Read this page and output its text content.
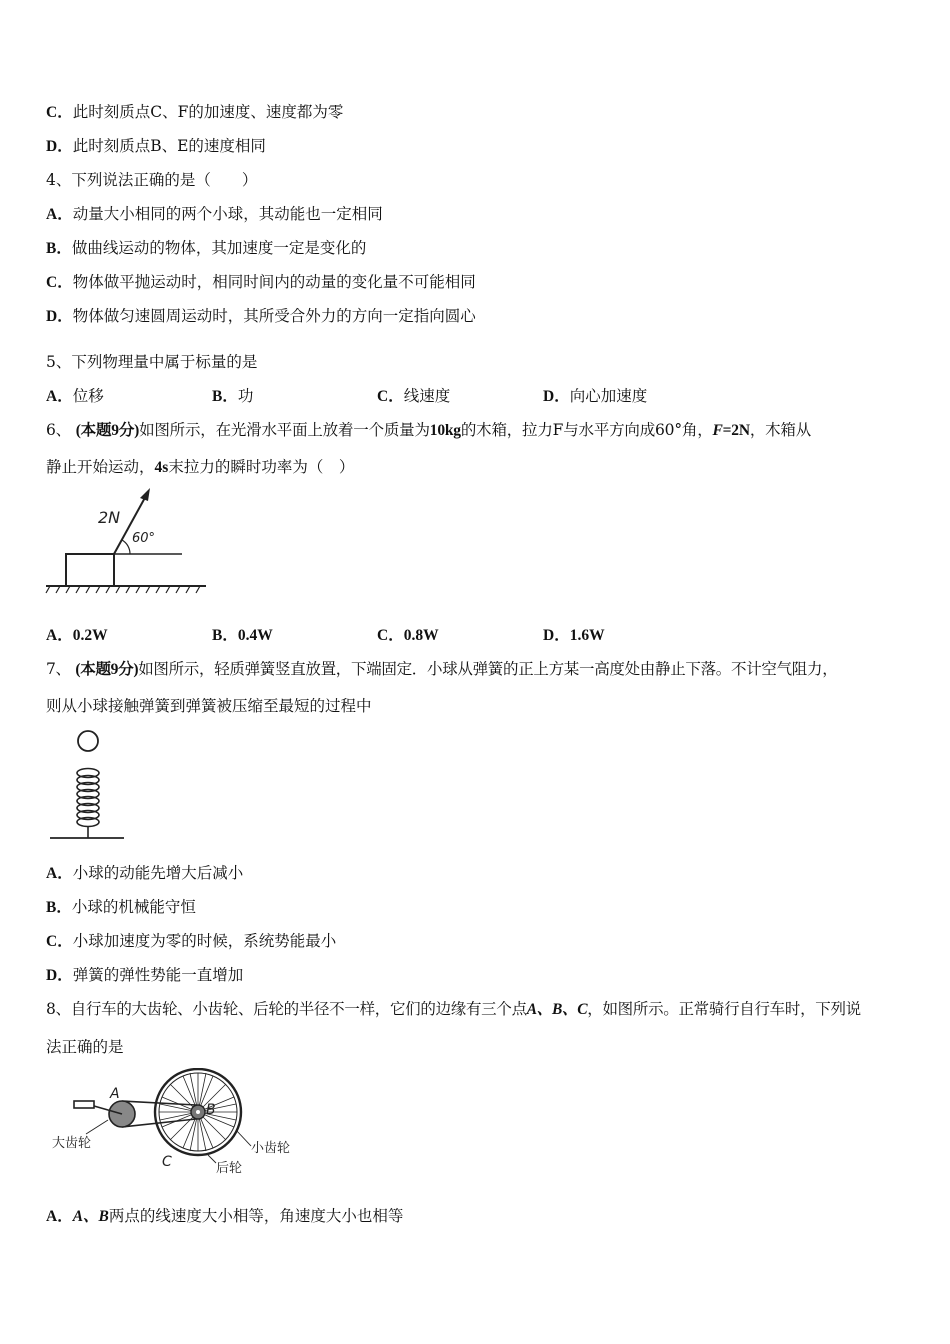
C．此时刻质点C、F的加速度、速度都为零
D．此时刻质点B、E的速度相同
4、下列说法正确的是（　　）
A．动量大小相同的两个小球，其动能也一定相同
B．做曲线运动的物体，其加速度一定是变化的
C．物体做平抛运动时，相同时间内的动量的变化量不可能相同
D．物体做匀速圆周运动时，其所受合外力的方向一定指向圆心
5、下列物理量中属于标量的是
A．位移	B．功	C．线速度	D．向心加速度
6、 (本题9分)如图所示，在光滑水平面上放着一个质量为10kg的木箱，拉力F与水平方向成60°角，F=2N，木箱从
静止开始运动，4s末拉力的瞬时功率为（　）
2N
60°
A．0.2W	B．0.4W	C．0.8W	D．1.6W
7、 (本题9分)如图所示，轻质弹簧竖直放置，下端固定．小球从弹簧的正上方某一高度处由静止下落。不计空气阻力，
则从小球接触弹簧到弹簧被压缩至最短的过程中
A．小球的动能先增大后减小
B．小球的机械能守恒
C．小球加速度为零的时候，系统势能最小
D．弹簧的弹性势能一直增加
8、自行车的大齿轮、小齿轮、后轮的半径不一样，它们的边缘有三个点A、B、C，如图所示。正常骑行自行车时，下列说
法正确的是
A
B
C
大齿轮	小齿轮
后轮
A．A、B两点的线速度大小相等，角速度大小也相等
